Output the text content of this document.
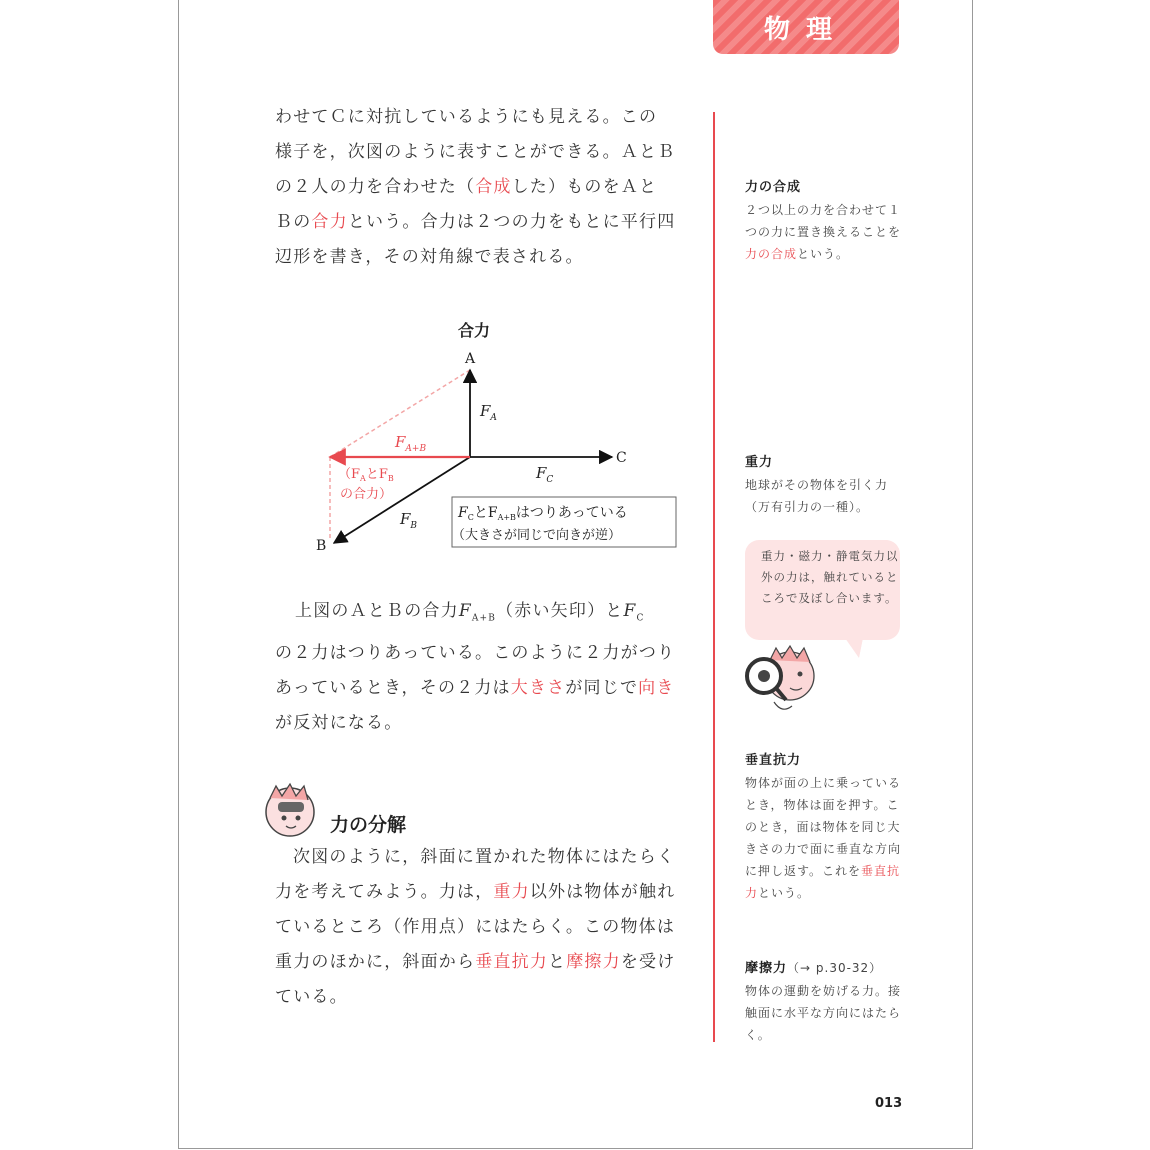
物理
わせてＣに対抗しているようにも見える。この
様子を，次図のように表すことができる。ＡとＢ
の２人の力を合わせた（合成した）ものをＡと
Ｂの合力という。合力は２つの力をもとに平行四
辺形を書き，その対角線で表される。
合力
A
C
B
$F_A$
$F_C$
$F_B$
$F_{A+B}$
（$F_A$と$F_B$
の合力）
$F_C$と$F_{A+B}$はつりあっている
（大きさが同じで向きが逆）
上図のＡとＢの合力$F_{A+B}$（赤い矢印）と$F_C$
の２力はつりあっている。このように２力がつり
あっているとき，その２力は大きさが同じで向き
が反対になる。
力の分解
次図のように，斜面に置かれた物体にはたらく
力を考えてみよう。力は，重力以外は物体が触れ
ているところ（作用点）にはたらく。この物体は
重力のほかに，斜面から垂直抗力と摩擦力を受け
ている。
力の合成
２つ以上の力を合わせて１つの力に置き換えることを力の合成という。
重力
地球がその物体を引く力（万有引力の一種）。
重力・磁力・静電気力以外の力は，触れているところで及ぼし合います。
垂直抗力
物体が面の上に乗っているとき，物体は面を押す。このとき，面は物体を同じ大きさの力で面に垂直な方向に押し返す。これを垂直抗力という。
摩擦力（→ p.30-32）
物体の運動を妨げる力。接触面に水平な方向にはたらく。
013
